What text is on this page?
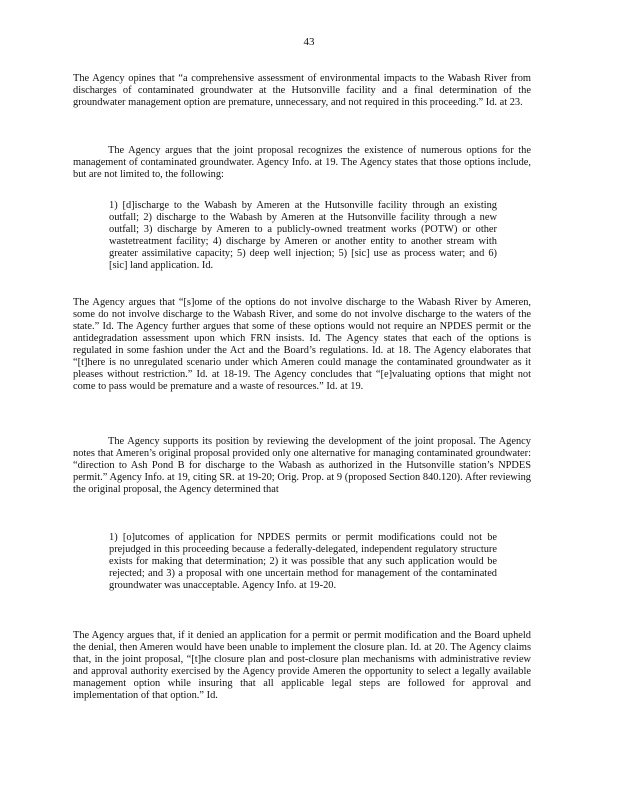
43

The Agency opines that “a comprehensive assessment of environmental impacts to the Wabash River from discharges of contaminated groundwater at the Hutsonville facility and a final determination of the groundwater management option are premature, unnecessary, and not required in this proceeding.” Id. at 23.

The Agency argues that the joint proposal recognizes the existence of numerous options for the management of contaminated groundwater. Agency Info. at 19. The Agency states that those options include, but are not limited to, the following:

1) [d]ischarge to the Wabash by Ameren at the Hutsonville facility through an existing outfall; 2) discharge to the Wabash by Ameren at the Hutsonville facility through a new outfall; 3) discharge by Ameren to a publicly-owned treatment works (POTW) or other wastetreatment facility; 4) discharge by Ameren or another entity to another stream with greater assimilative capacity; 5) deep well injection; 5) [sic] use as process water; and 6) [sic] land application. Id.

The Agency argues that “[s]ome of the options do not involve discharge to the Wabash River by Ameren, some do not involve discharge to the Wabash River, and some do not involve discharge to the waters of the state.” Id. The Agency further argues that some of these options would not require an NPDES permit or the antidegradation assessment upon which FRN insists. Id. The Agency states that each of the options is regulated in some fashion under the Act and the Board’s regulations. Id. at 18. The Agency elaborates that “[t]here is no unregulated scenario under which Ameren could manage the contaminated groundwater as it pleases without restriction.” Id. at 18-19. The Agency concludes that “[e]valuating options that might not come to pass would be premature and a waste of resources.” Id. at 19.

The Agency supports its position by reviewing the development of the joint proposal. The Agency notes that Ameren’s original proposal provided only one alternative for managing contaminated groundwater: “direction to Ash Pond B for discharge to the Wabash as authorized in the Hutsonville station’s NPDES permit.” Agency Info. at 19, citing SR. at 19-20; Orig. Prop. at 9 (proposed Section 840.120). After reviewing the original proposal, the Agency determined that

1) [o]utcomes of application for NPDES permits or permit modifications could not be prejudged in this proceeding because a federally-delegated, independent regulatory structure exists for making that determination; 2) it was possible that any such application would be rejected; and 3) a proposal with one uncertain method for management of the contaminated groundwater was unacceptable. Agency Info. at 19-20.

The Agency argues that, if it denied an application for a permit or permit modification and the Board upheld the denial, then Ameren would have been unable to implement the closure plan. Id. at 20. The Agency claims that, in the joint proposal, “[t]he closure plan and post-closure plan mechanisms with administrative review and approval authority exercised by the Agency provide Ameren the opportunity to select a legally available management option while insuring that all applicable legal steps are followed for approval and implementation of that option.” Id.
